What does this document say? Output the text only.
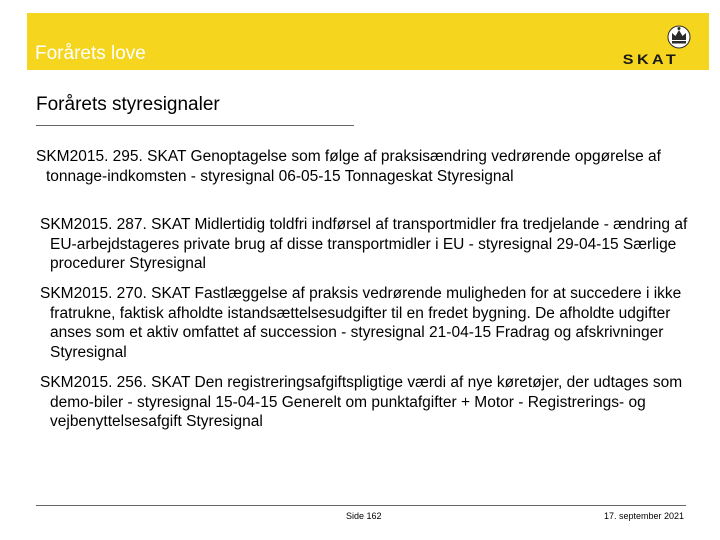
Forårets love	SKAT
Forårets styresignaler
SKM2015. 295. SKAT Genoptagelse som følge af praksisændring vedrørende opgørelse af tonnage-indkomsten - styresignal 06-05-15 Tonnageskat Styresignal
SKM2015. 287. SKAT Midlertidig toldfri indførsel af transportmidler fra tredjelande - ændring af EU-arbejdstageres private brug af disse transportmidler i EU - styresignal 29-04-15 Særlige procedurer Styresignal
SKM2015. 270. SKAT Fastlæggelse af praksis vedrørende muligheden for at succedere i ikke fratrukne, faktisk afholdte istandsættelsesudgifter til en fredet bygning. De afholdte udgifter anses som et aktiv omfattet af succession - styresignal 21-04-15 Fradrag og afskrivninger Styresignal
SKM2015. 256. SKAT Den registreringsafgiftspligtige værdi af nye køretøjer, der udtages som demo-biler - styresignal 15-04-15 Generelt om punktafgifter + Motor - Registrerings- og vejbenyttelsesafgift Styresignal
Side 162	17. september 2021
